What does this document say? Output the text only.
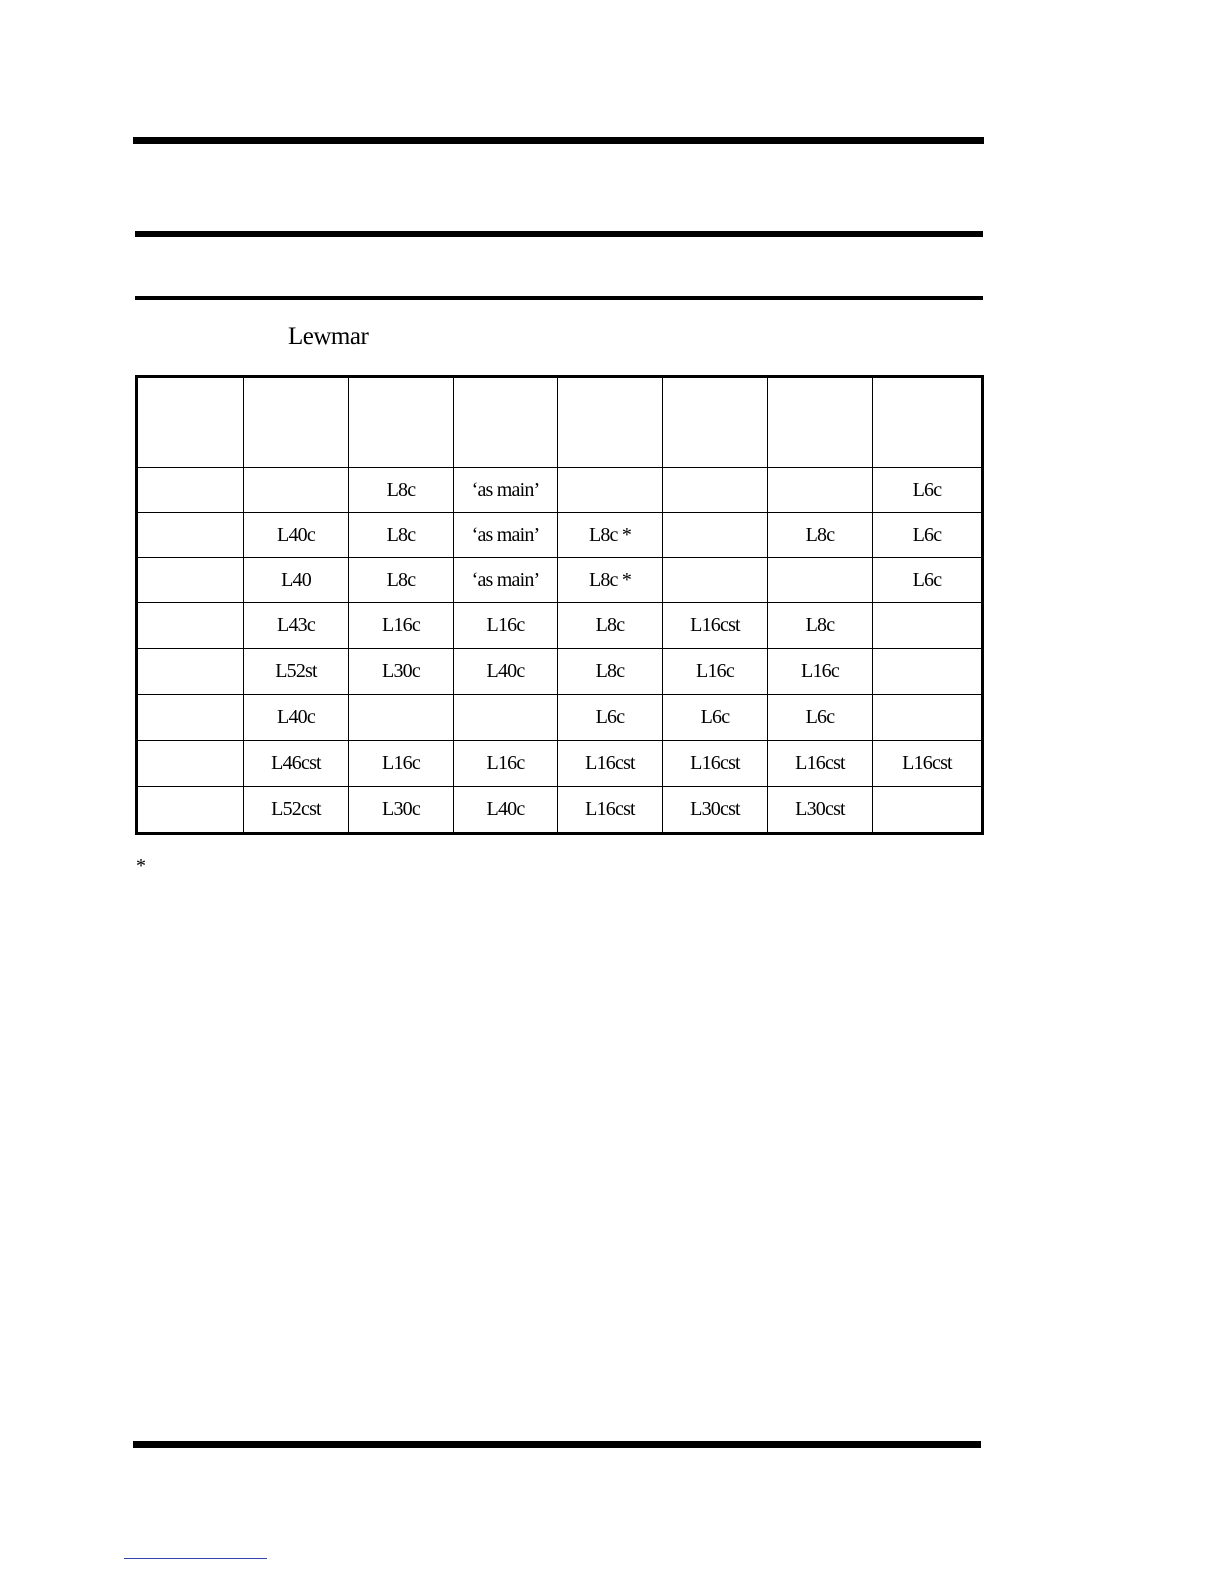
Lewmar

		L8c	‘as main’				L6c
	L40c	L8c	‘as main’	L8c *		L8c	L6c
	L40	L8c	‘as main’	L8c *			L6c
	L43c	L16c	L16c	L8c	L16cst	L8c	
	L52st	L30c	L40c	L8c	L16c	L16c	
	L40c			L6c	L6c	L6c	
	L46cst	L16c	L16c	L16cst	L16cst	L16cst	L16cst
	L52cst	L30c	L40c	L16cst	L30cst	L30cst	
*
